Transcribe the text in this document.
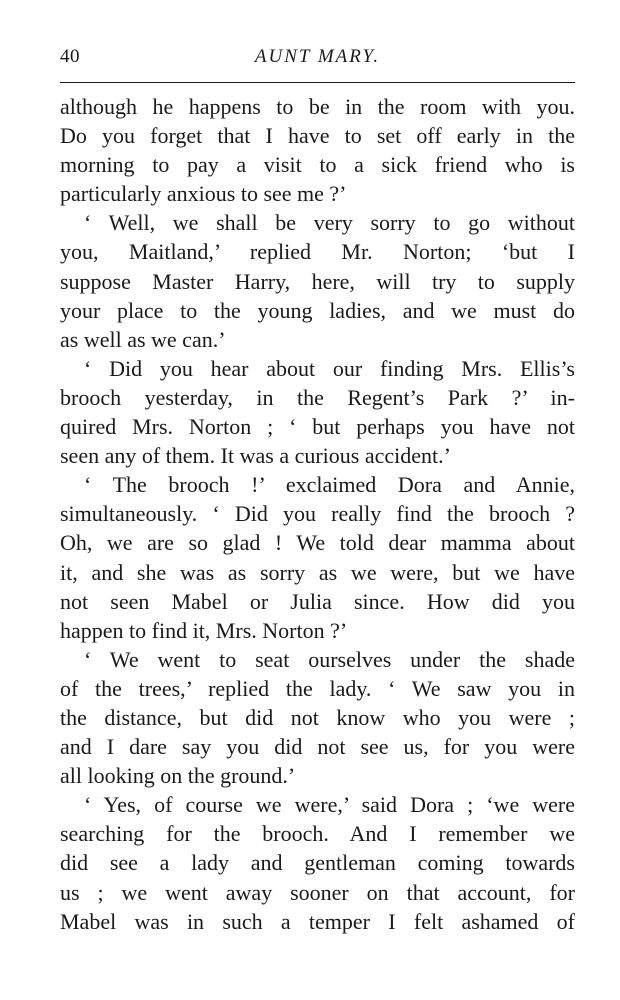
40	AUNT MARY.
although he happens to be in the room with you.
Do you forget that I have to set off early in the
morning to pay a visit to a sick friend who is
particularly anxious to see me ?’
‘ Well, we shall be very sorry to go without
you, Maitland,’ replied Mr. Norton; ‘but I
suppose Master Harry, here, will try to supply
your place to the young ladies, and we must do
as well as we can.’
‘ Did you hear about our finding Mrs. Ellis’s
brooch yesterday, in the Regent’s Park ?’ in-
quired Mrs. Norton ; ‘ but perhaps you have not
seen any of them. It was a curious accident.’
‘ The brooch !’ exclaimed Dora and Annie,
simultaneously. ‘ Did you really find the brooch ?
Oh, we are so glad ! We told dear mamma about
it, and she was as sorry as we were, but we have
not seen Mabel or Julia since. How did you
happen to find it, Mrs. Norton ?’
‘ We went to seat ourselves under the shade
of the trees,’ replied the lady. ‘ We saw you in
the distance, but did not know who you were ;
and I dare say you did not see us, for you were
all looking on the ground.’
‘ Yes, of course we were,’ said Dora ; ‘we were
searching for the brooch. And I remember we
did see a lady and gentleman coming towards
us ; we went away sooner on that account, for
Mabel was in such a temper I felt ashamed of
